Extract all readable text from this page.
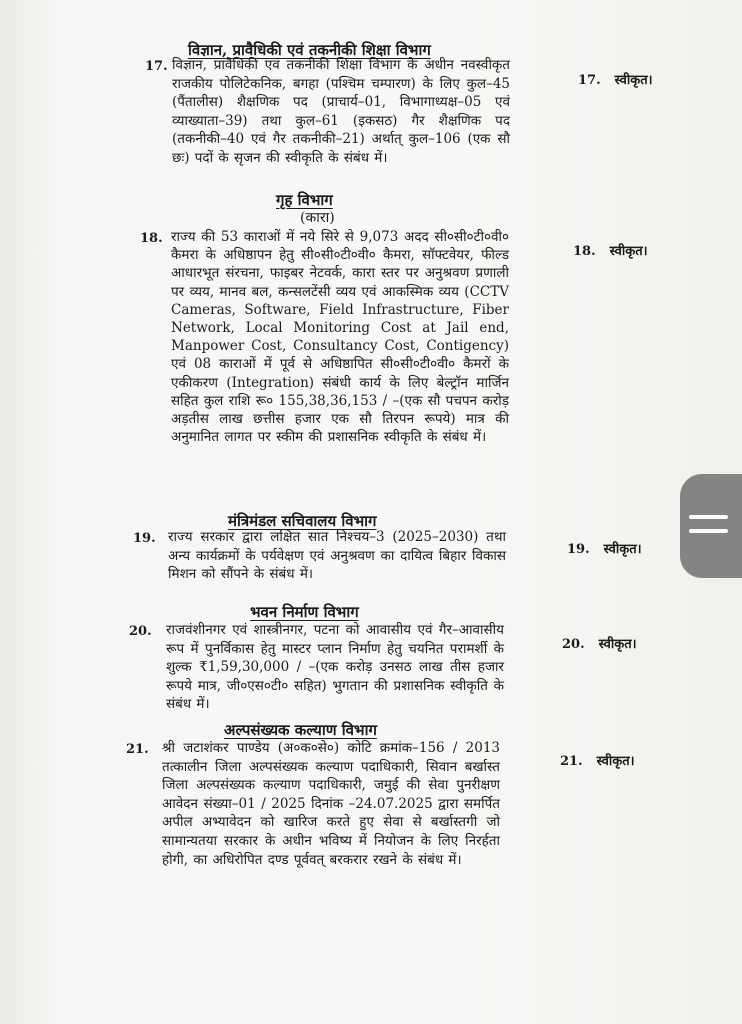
विज्ञान, प्रावैधिकी एवं तकनीकी शिक्षा विभाग
17. विज्ञान, प्रावैधिकी एवं तकनीकी शिक्षा विभाग के अधीन नवस्वीकृत राजकीय पोलिटेकनिक, बगहा (पश्चिम चम्पारण) के लिए कुल–45 (पैंतालीस) शैक्षणिक पद (प्राचार्य–01, विभागाध्यक्ष–05 एवं व्याख्याता–39) तथा कुल–61 (इकसठ) गैर शैक्षणिक पद (तकनीकी–40 एवं गैर तकनीकी–21) अर्थात् कुल–106 (एक सौ छः) पदों के सृजन की स्वीकृति के संबंध में।
17. स्वीकृत।
गृह विभाग
(कारा)
18. राज्य की 53 काराओं में नये सिरे से 9,073 अदद सी०सी०टी०वी० कैमरा के अधिष्ठापन हेतु सी०सी०टी०वी० कैमरा, सॉफ्टवेयर, फील्ड आधारभूत संरचना, फाइबर नेटवर्क, कारा स्तर पर अनुश्रवण प्रणाली पर व्यय, मानव बल, कन्सलटेंसी व्यय एवं आकस्मिक व्यय (CCTV Cameras, Software, Field Infrastructure, Fiber Network, Local Monitoring Cost at Jail end, Manpower Cost, Consultancy Cost, Contigency) एवं 08 काराओं में पूर्व से अधिष्ठापित सी०सी०टी०वी० कैमरों के एकीकरण (Integration) संबंधी कार्य के लिए बेल्ट्रॉन मार्जिन सहित कुल राशि रू० 155,38,36,153 / –(एक सौ पचपन करोड़ अड़तीस लाख छत्तीस हजार एक सौ तिरपन रूपये) मात्र की अनुमानित लागत पर स्कीम की प्रशासनिक स्वीकृति के संबंध में।
18. स्वीकृत।
मंत्रिमंडल सचिवालय विभाग
19. राज्य सरकार द्वारा लक्षित सात निश्चय–3 (2025–2030) तथा अन्य कार्यक्रमों के पर्यवेक्षण एवं अनुश्रवण का दायित्व बिहार विकास मिशन को सौंपने के संबंध में।
19. स्वीकृत।
भवन निर्माण विभाग
20. राजवंशीनगर एवं शास्त्रीनगर, पटना को आवासीय एवं गैर–आवासीय रूप में पुनर्विकास हेतु मास्टर प्लान निर्माण हेतु चयनित परामर्शी के शुल्क ₹1,59,30,000 / –(एक करोड़ उनसठ लाख तीस हजार रूपये मात्र, जी०एस०टी० सहित) भुगतान की प्रशासनिक स्वीकृति के संबंध में।
20. स्वीकृत।
अल्पसंख्यक कल्याण विभाग
21. श्री जटाशंकर पाण्डेय (अ०क०से०) कोटि क्रमांक–156 / 2013 तत्कालीन जिला अल्पसंख्यक कल्याण पदाधिकारी, सिवान बर्खास्त जिला अल्पसंख्यक कल्याण पदाधिकारी, जमुई की सेवा पुनरीक्षण आवेदन संख्या–01 / 2025 दिनांक –24.07.2025 द्वारा समर्पित अपील अभ्यावेदन को खारिज करते हुए सेवा से बर्खास्तगी जो सामान्यतया सरकार के अधीन भविष्य में नियोजन के लिए निरर्हता होगी, का अधिरोपित दण्ड पूर्ववत् बरकरार रखने के संबंध में।
21. स्वीकृत।
